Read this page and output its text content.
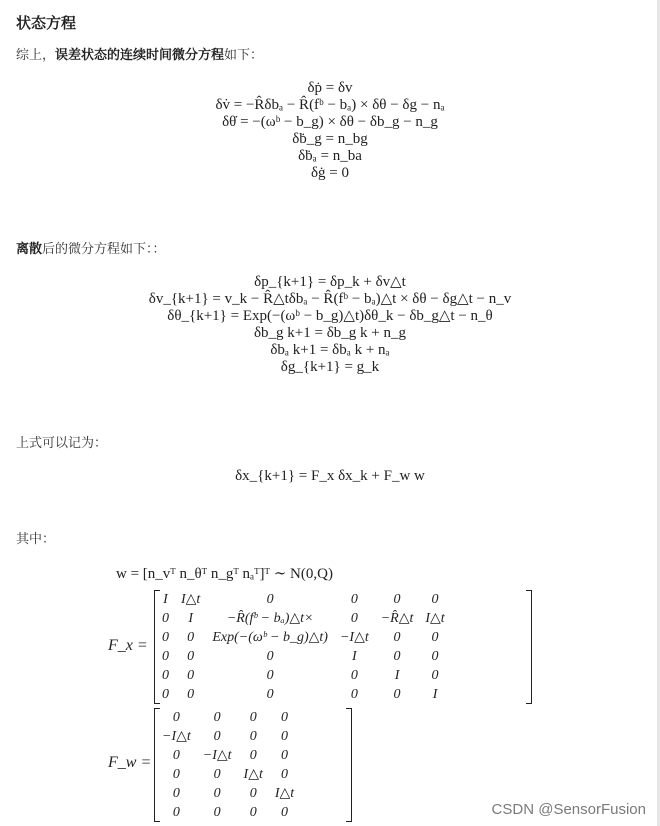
状态方程
综上，误差状态的连续时间微分方程如下：
δṗ = δv
δv̇ = −R̂δbₐ − R̂(fᵇ − bₐ) × δθ − δg − nₐ
δθ̇ = −(ωᵇ − b_g) × δθ − δb_g − n_g
δḃ_g = n_bg
δḃₐ = n_ba
δġ = 0
离散后的微分方程如下：：
δp_{k+1} = δp_k + δv△t
δv_{k+1} = v_k − R̂△tδbₐ − R̂(fᵇ − bₐ)△t × δθ − δg△t − n_v
δθ_{k+1} = Exp(−(ωᵇ − b_g)△t)δθ_k − δb_g△t − n_θ
δb_g k+1 = δb_g k + n_g
δbₐ k+1 = δbₐ k + nₐ
δg_{k+1} = g_k
上式可以记为：
δx_{k+1} = F_x δx_k + F_w w
其中：
w = [n_vᵀ n_θᵀ n_gᵀ nₐᵀ]ᵀ ∼ N(0,Q)
F_x =
I	I△t	0	0	0	0
0	I	−R̂(fᵇ − bₐ)△t×	0	−R̂△t	I△t
0	0	Exp(−(ωᵇ − b_g)△t)	−I△t	0	0
0	0	0	I	0	0
0	0	0	0	I	0
0	0	0	0	0	I
F_w =
0	0	0	0
−I△t	0	0	0
0	−I△t	0	0
0	0	I△t	0
0	0	0	I△t
0	0	0	0	CSDN @SensorFusion
